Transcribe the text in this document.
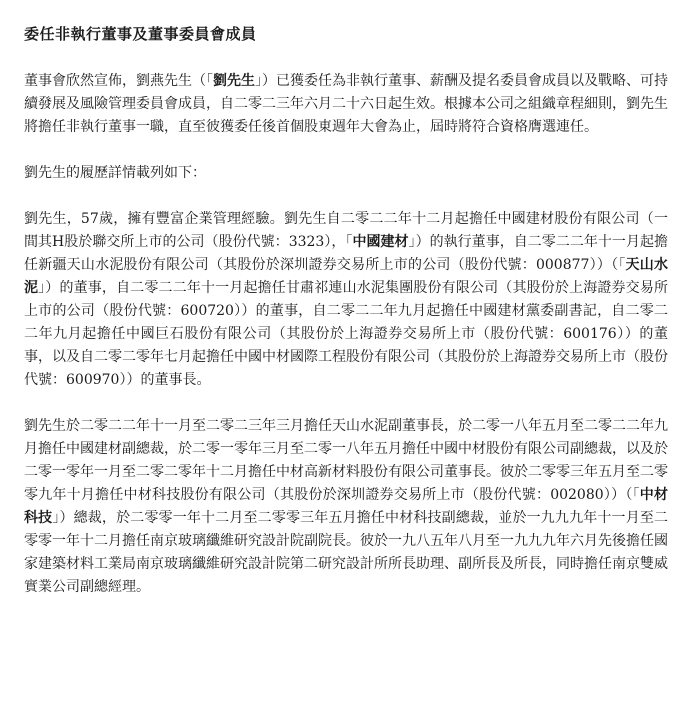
委任非執行董事及董事委員會成員

董事會欣然宣佈，劉燕先生（「劉先生」）已獲委任為非執行董事、薪酬及提名委員會成員以及戰略、可持續發展及風險管理委員會成員，自二零二三年六月二十六日起生效。根據本公司之組織章程細則，劉先生將擔任非執行董事一職，直至彼獲委任後首個股東週年大會為止，屆時將符合資格膺選連任。

劉先生的履歷詳情載列如下：

劉先生，57歲，擁有豐富企業管理經驗。劉先生自二零二二年十二月起擔任中國建材股份有限公司（一間其H股於聯交所上市的公司（股份代號：3323），「中國建材」）的執行董事，自二零二二年十一月起擔任新疆天山水泥股份有限公司（其股份於深圳證券交易所上市的公司（股份代號：000877））（「天山水泥」）的董事，自二零二二年十一月起擔任甘肅祁連山水泥集團股份有限公司（其股份於上海證券交易所上市的公司（股份代號：600720））的董事，自二零二二年九月起擔任中國建材黨委副書記，自二零二二年九月起擔任中國巨石股份有限公司（其股份於上海證券交易所上市（股份代號：600176））的董事，以及自二零二零年七月起擔任中國中材國際工程股份有限公司（其股份於上海證券交易所上市（股份代號：600970））的董事長。

劉先生於二零二二年十一月至二零二三年三月擔任天山水泥副董事長，於二零一八年五月至二零二二年九月擔任中國建材副總裁，於二零一零年三月至二零一八年五月擔任中國中材股份有限公司副總裁，以及於二零一零年一月至二零二零年十二月擔任中材高新材料股份有限公司董事長。彼於二零零三年五月至二零零九年十月擔任中材科技股份有限公司（其股份於深圳證券交易所上市（股份代號：002080））（「中材科技」）總裁，於二零零一年十二月至二零零三年五月擔任中材科技副總裁，並於一九九九年十一月至二零零一年十二月擔任南京玻璃纖維研究設計院副院長。彼於一九八五年八月至一九九九年六月先後擔任國家建築材料工業局南京玻璃纖維研究設計院第二研究設計所所長助理、副所長及所長，同時擔任南京雙威實業公司副總經理。
